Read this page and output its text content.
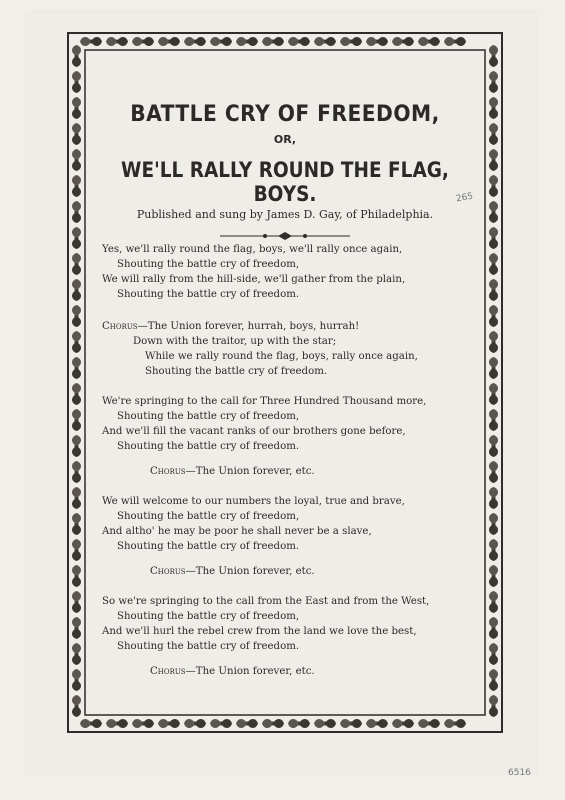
BATTLE CRY OF FREEDOM,
OR,
WE'LL RALLY ROUND THE FLAG, BOYS.
Published and sung by James D. Gay, of Philadelphia.
Yes, we'll rally round the flag, boys, we'll rally once again,
Shouting the battle cry of freedom,
We will rally from the hill-side, we'll gather from the plain,
Shouting the battle cry of freedom.
Chorus—The Union forever, hurrah, boys, hurrah!
Down with the traitor, up with the star;
While we rally round the flag, boys, rally once again,
Shouting the battle cry of freedom.
We're springing to the call for Three Hundred Thousand more,
Shouting the battle cry of freedom,
And we'll fill the vacant ranks of our brothers gone before,
Shouting the battle cry of freedom.
Chorus—The Union forever, etc.
We will welcome to our numbers the loyal, true and brave,
Shouting the battle cry of freedom,
And altho' he may be poor he shall never be a slave,
Shouting the battle cry of freedom.
Chorus—The Union forever, etc.
So we're springing to the call from the East and from the West,
Shouting the battle cry of freedom,
And we'll hurl the rebel crew from the land we love the best,
Shouting the battle cry of freedom.
Chorus—The Union forever, etc.
265
6516
